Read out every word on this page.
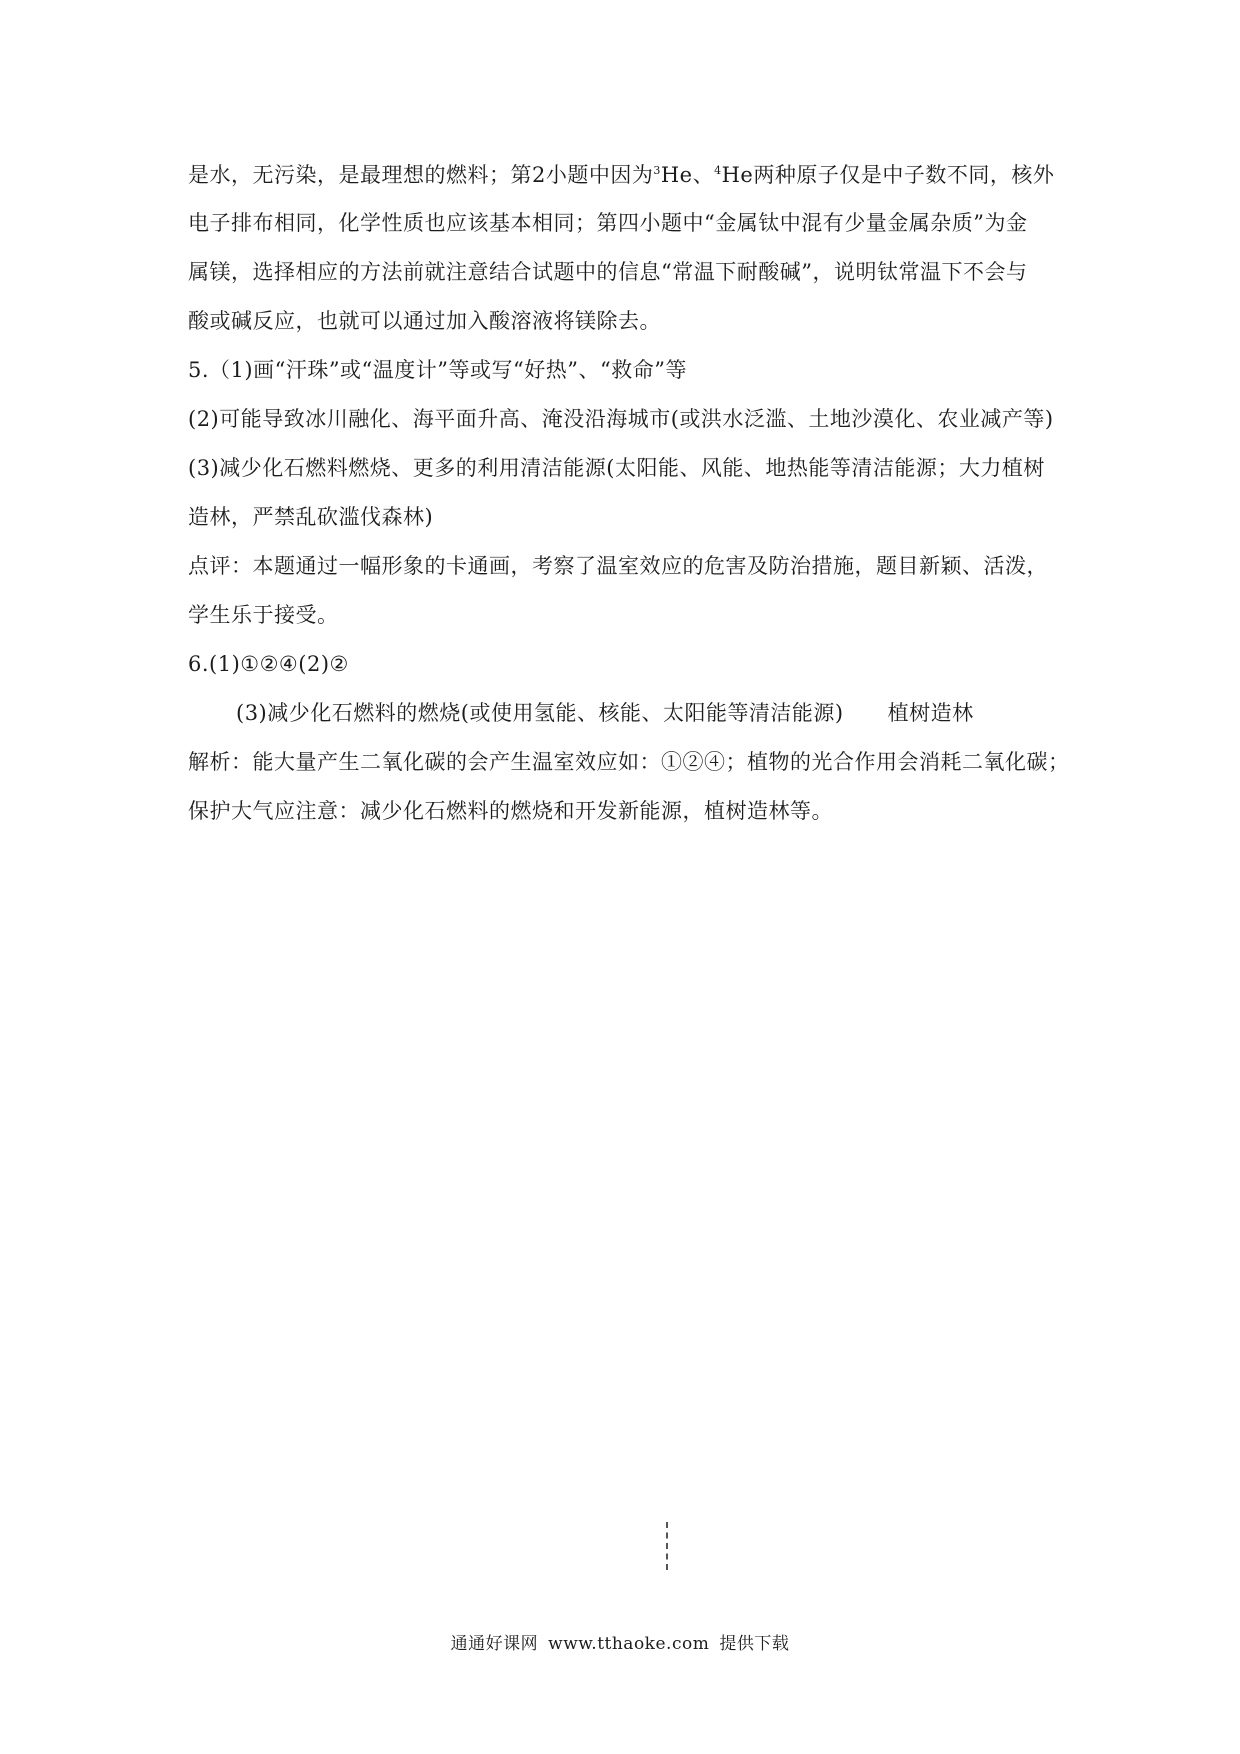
是水，无污染，是最理想的燃料；第2小题中因为$^3$He、$^4$He两种原子仅是中子数不同，核外
电子排布相同，化学性质也应该基本相同；第四小题中“金属钛中混有少量金属杂质”为金
属镁，选择相应的方法前就注意结合试题中的信息“常温下耐酸碱”，说明钛常温下不会与
酸或碱反应，也就可以通过加入酸溶液将镁除去。
5.（1)画“汗珠”或“温度计”等或写“好热”、“救命”等
(2)可能导致冰川融化、海平面升高、淹没沿海城市(或洪水泛滥、土地沙漠化、农业减产等)
(3)减少化石燃料燃烧、更多的利用清洁能源(太阳能、风能、地热能等清洁能源；大力植树
造林，严禁乱砍滥伐森林)
点评：本题通过一幅形象的卡通画，考察了温室效应的危害及防治措施，题目新颖、活泼，
学生乐于接受。
6.(1)①②④(2)②
(3)减少化石燃料的燃烧(或使用氢能、核能、太阳能等清洁能源) 植树造林
解析：能大量产生二氧化碳的会产生温室效应如：①②④；植物的光合作用会消耗二氧化碳；
保护大气应注意：减少化石燃料的燃烧和开发新能源，植树造林等。
通通好课网 www.tthaoke.com 提供下载
